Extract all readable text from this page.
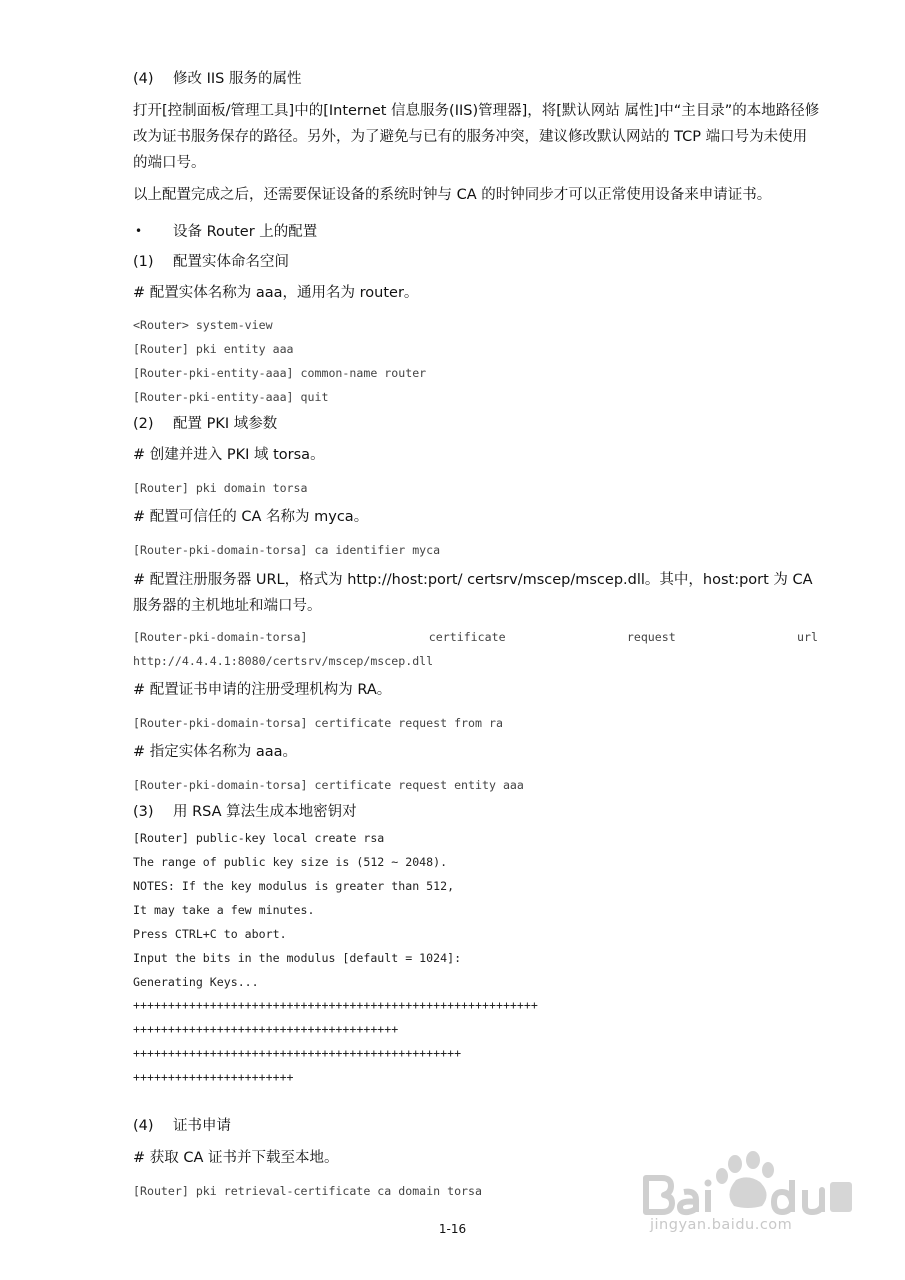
(4) 修改 IIS 服务的属性
打开[控制面板/管理工具]中的[Internet 信息服务(IIS)管理器]，将[默认网站 属性]中“主目录”的本地路径修改为证书服务保存的路径。另外，为了避免与已有的服务冲突，建议修改默认网站的 TCP 端口号为未使用的端口号。
以上配置完成之后，还需要保证设备的系统时钟与 CA 的时钟同步才可以正常使用设备来申请证书。
• 设备 Router 上的配置
(1) 配置实体命名空间
# 配置实体名称为 aaa，通用名为 router。
<Router> system-view
[Router] pki entity aaa
[Router-pki-entity-aaa] common-name router
[Router-pki-entity-aaa] quit
(2) 配置 PKI 域参数
# 创建并进入 PKI 域 torsa。
[Router] pki domain torsa
# 配置可信任的 CA 名称为 myca。
[Router-pki-domain-torsa] ca identifier myca
# 配置注册服务器 URL，格式为 http://host:port/ certsrv/mscep/mscep.dll。其中，host:port 为 CA 服务器的主机地址和端口号。
[Router-pki-domain-torsa]	certificate	request	url
http://4.4.4.1:8080/certsrv/mscep/mscep.dll
# 配置证书申请的注册受理机构为 RA。
[Router-pki-domain-torsa] certificate request from ra
# 指定实体名称为 aaa。
[Router-pki-domain-torsa] certificate request entity aaa
(3) 用 RSA 算法生成本地密钥对
[Router] public-key local create rsa
The range of public key size is (512 ~ 2048).
NOTES: If the key modulus is greater than 512,
It may take a few minutes.
Press CTRL+C to abort.
Input the bits in the modulus [default = 1024]:
Generating Keys...
++++++++++++++++++++++++++++++++++++++++++++++++++++++++++
++++++++++++++++++++++++++++++++++++++
+++++++++++++++++++++++++++++++++++++++++++++++
+++++++++++++++++++++++
(4) 证书申请
# 获取 CA 证书并下载至本地。
[Router] pki retrieval-certificate ca domain torsa
1-16	jingyan.baidu.com
